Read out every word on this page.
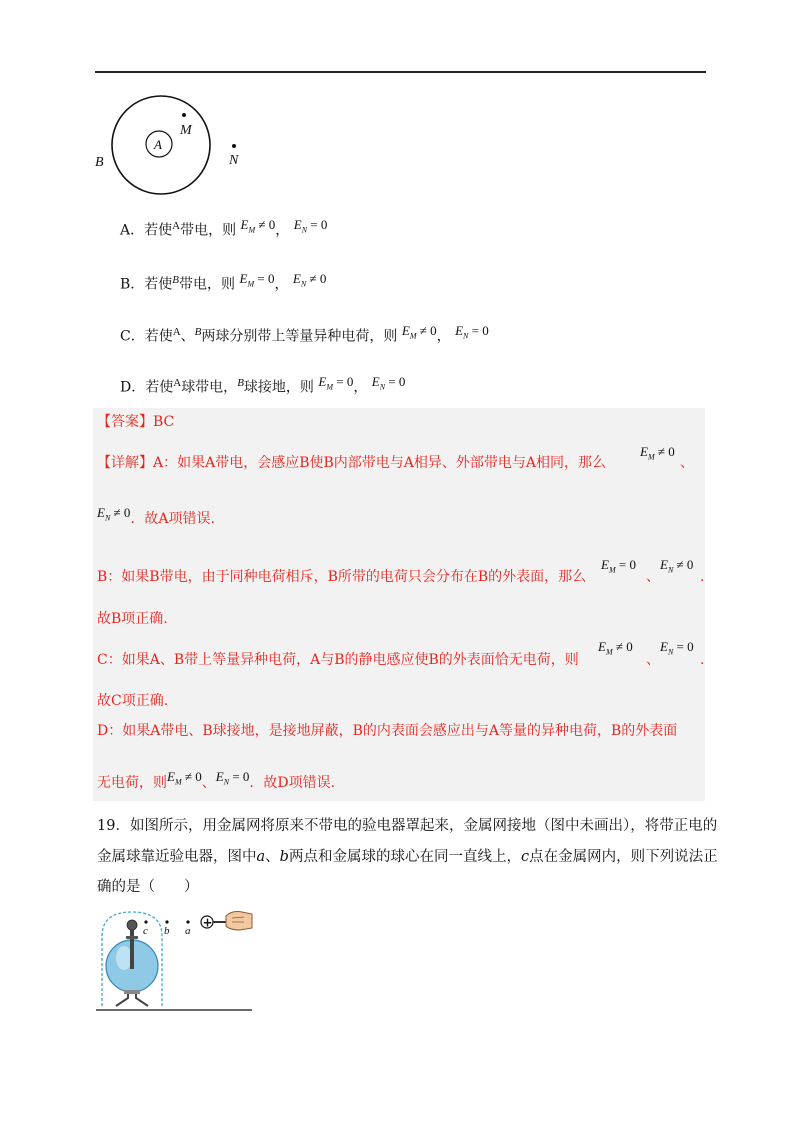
A
M
N
B
A．若使$^A$带电，则 $E_M \ne 0$， $E_N = 0$
B．若使$^B$带电，则 $E_M = 0$， $E_N \ne 0$
C．若使$^A$、$^B$两球分别带上等量异种电荷，则 $E_M \ne 0$， $E_N = 0$
D．若使$^A$球带电，$^B$球接地，则 $E_M = 0$， $E_N = 0$
【答案】BC
【详解】A：如果A带电，会感应B使B内部带电与A相异、外部带电与A相同，那么
$E_M \ne 0$
、
$E_N \ne 0$．故A项错误.
B：如果B带电，由于同种电荷相斥，B所带的电荷只会分布在B的外表面，那么
$E_M = 0$
、
$E_N \ne 0$
.
故B项正确.
C：如果A、B带上等量异种电荷，A与B的静电感应使B的外表面恰无电荷，则
$E_M \ne 0$
、
$E_N = 0$
.
故C项正确.
D：如果A带电、B球接地，是接地屏蔽，B的内表面会感应出与A等量的异种电荷，B的外表面
无电荷，则$E_M \ne 0$、$E_N = 0$．故D项错误.
19．如图所示，用金属网将原来不带电的验电器罩起来，金属网接地（图中未画出），将带正电的
金属球靠近验电器，图中a、b两点和金属球的球心在同一直线上，c点在金属网内，则下列说法正
确的是（　　）
c b a
+
